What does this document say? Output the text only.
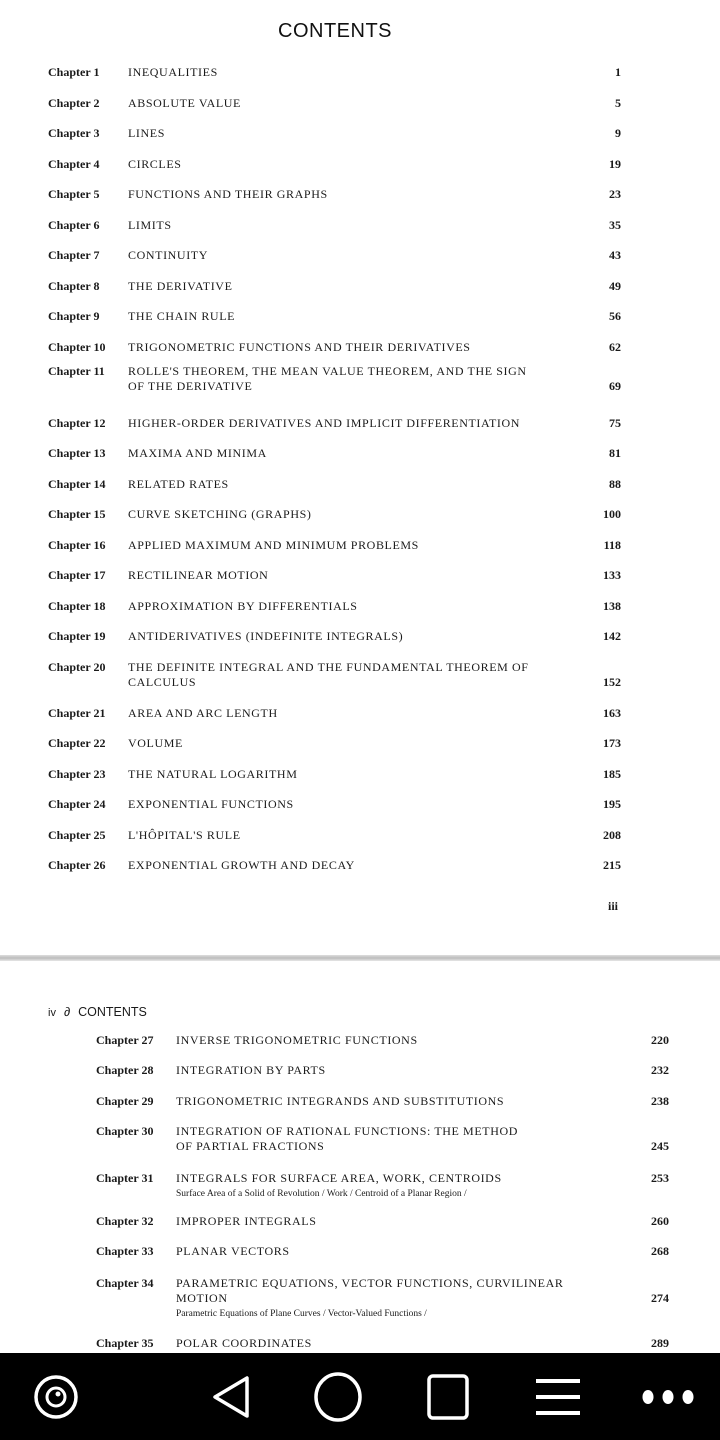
CONTENTS
Chapter 1 INEQUALITIES	1
Chapter 2 ABSOLUTE VALUE	5
Chapter 3 LINES	9
Chapter 4 CIRCLES	19
Chapter 5 FUNCTIONS AND THEIR GRAPHS	23
Chapter 6 LIMITS	35
Chapter 7 CONTINUITY	43
Chapter 8 THE DERIVATIVE	49
Chapter 9 THE CHAIN RULE	56
Chapter 10 TRIGONOMETRIC FUNCTIONS AND THEIR DERIVATIVES	62
Chapter 11 ROLLE'S THEOREM, THE MEAN VALUE THEOREM, AND THE SIGN
OF THE DERIVATIVE	69
Chapter 12 HIGHER-ORDER DERIVATIVES AND IMPLICIT DIFFERENTIATION	75
Chapter 13 MAXIMA AND MINIMA	81
Chapter 14 RELATED RATES	88
Chapter 15 CURVE SKETCHING (GRAPHS)	100
Chapter 16 APPLIED MAXIMUM AND MINIMUM PROBLEMS	118
Chapter 17 RECTILINEAR MOTION	133
Chapter 18 APPROXIMATION BY DIFFERENTIALS	138
Chapter 19 ANTIDERIVATIVES (INDEFINITE INTEGRALS)	142
Chapter 20 THE DEFINITE INTEGRAL AND THE FUNDAMENTAL THEOREM OF
CALCULUS	152
Chapter 21 AREA AND ARC LENGTH	163
Chapter 22 VOLUME	173
Chapter 23 THE NATURAL LOGARITHM	185
Chapter 24 EXPONENTIAL FUNCTIONS	195
Chapter 25 L'HÔPITAL'S RULE	208
Chapter 26 EXPONENTIAL GROWTH AND DECAY	215
iii
iv ∂ CONTENTS
Chapter 27 INVERSE TRIGONOMETRIC FUNCTIONS	220
Chapter 28 INTEGRATION BY PARTS	232
Chapter 29 TRIGONOMETRIC INTEGRANDS AND SUBSTITUTIONS	238
Chapter 30 INTEGRATION OF RATIONAL FUNCTIONS: THE METHOD
OF PARTIAL FRACTIONS	245
Chapter 31 INTEGRALS FOR SURFACE AREA, WORK, CENTROIDS
Surface Area of a Solid of Revolution / Work / Centroid of a Planar Region /
253
Chapter 32 IMPROPER INTEGRALS	260
Chapter 33 PLANAR VECTORS	268
Chapter 34 PARAMETRIC EQUATIONS, VECTOR FUNCTIONS, CURVILINEAR
MOTION
Parametric Equations of Plane Curves / Vector-Valued Functions /
274
Chapter 35 POLAR COORDINATES	289
